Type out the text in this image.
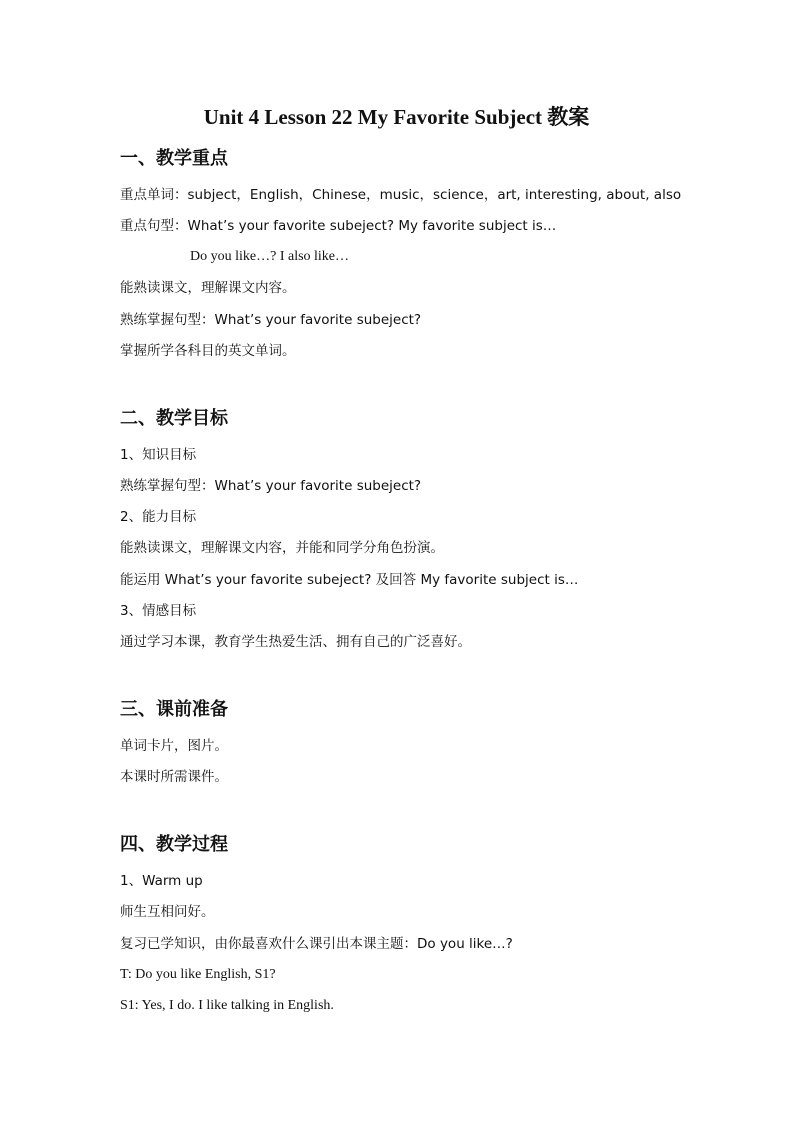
Unit 4 Lesson 22 My Favorite Subject 教案
一、教学重点
重点单词：subject，English，Chinese，music，science，art, interesting, about, also
重点句型：What’s your favorite subeject? My favorite subject is…
Do you like…? I also like…
能熟读课文，理解课文内容。
熟练掌握句型：What’s your favorite subeject?
掌握所学各科目的英文单词。
二、教学目标
1、知识目标
熟练掌握句型：What’s your favorite subeject?
2、能力目标
能熟读课文，理解课文内容，并能和同学分角色扮演。
能运用 What’s your favorite subeject? 及回答 My favorite subject is…
3、情感目标
通过学习本课，教育学生热爱生活、拥有自己的广泛喜好。
三、课前准备
单词卡片，图片。
本课时所需课件。
四、教学过程
1、Warm up
师生互相问好。
复习已学知识，由你最喜欢什么课引出本课主题：Do you like…?
T: Do you like English, S1?
S1: Yes, I do. I like talking in English.
